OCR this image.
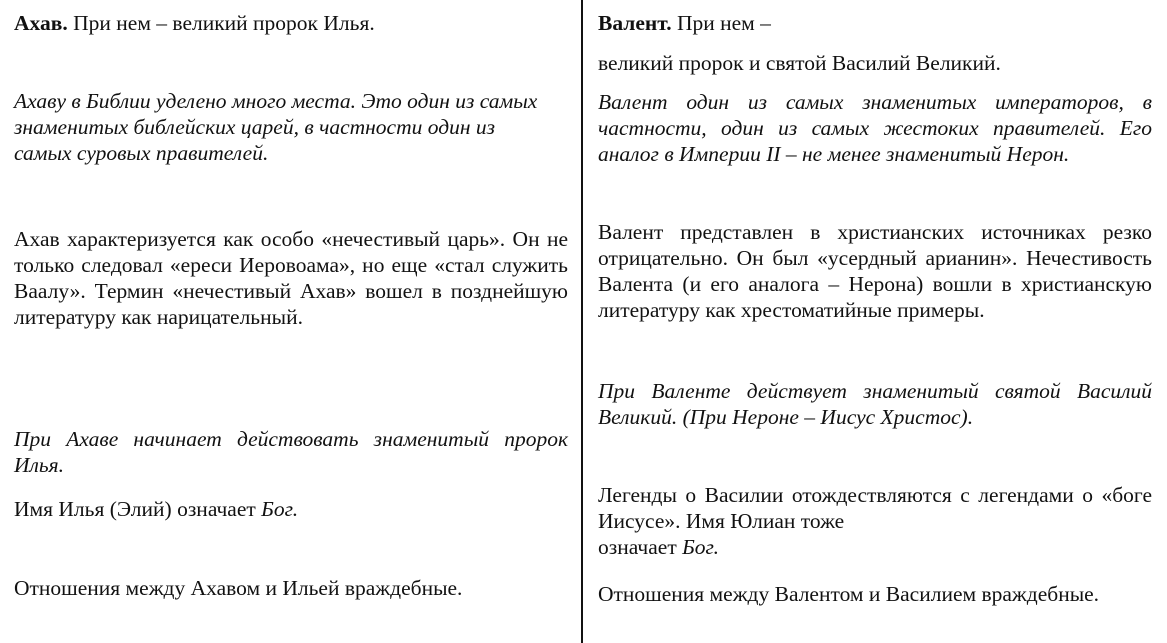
Ахав. При нем – великий пророк Илья.

Ахаву в Библии уделено много места. Это один из самых знаменитых библейских царей, в частности один из самых суровых правителей.

Ахав характеризуется как особо «нечестивый царь». Он не только следовал «ереси Иеровоама», но еще «стал служить Ваалу». Термин «нечестивый Ахав» вошел в позднейшую литературу как нарицательный.

При Ахаве начинает действовать знаменитый пророк Илья.

Имя Илья (Элий) означает Бог.

Отношения между Ахавом и Ильей враждебные.

Валент. При нем –

великий пророк и святой Василий Великий.

Валент один из самых знаменитых императоров, в частности, один из самых жестоких правителей. Его аналог в Империи II – не менее знаменитый Нерон.

Валент представлен в христианских источниках резко отрицательно. Он был «усердный арианин». Нечестивость Валента (и его аналога – Нерона) вошли в христианскую литературу как хрестоматийные примеры.

При Валенте действует знаменитый святой Василий Великий. (При Нероне – Иисус Христос).

Легенды о Василии отождествляются с легендами о «боге Иисусе». Имя Юлиан тоже

означает Бог.

Отношения между Валентом и Василием враждебные.
